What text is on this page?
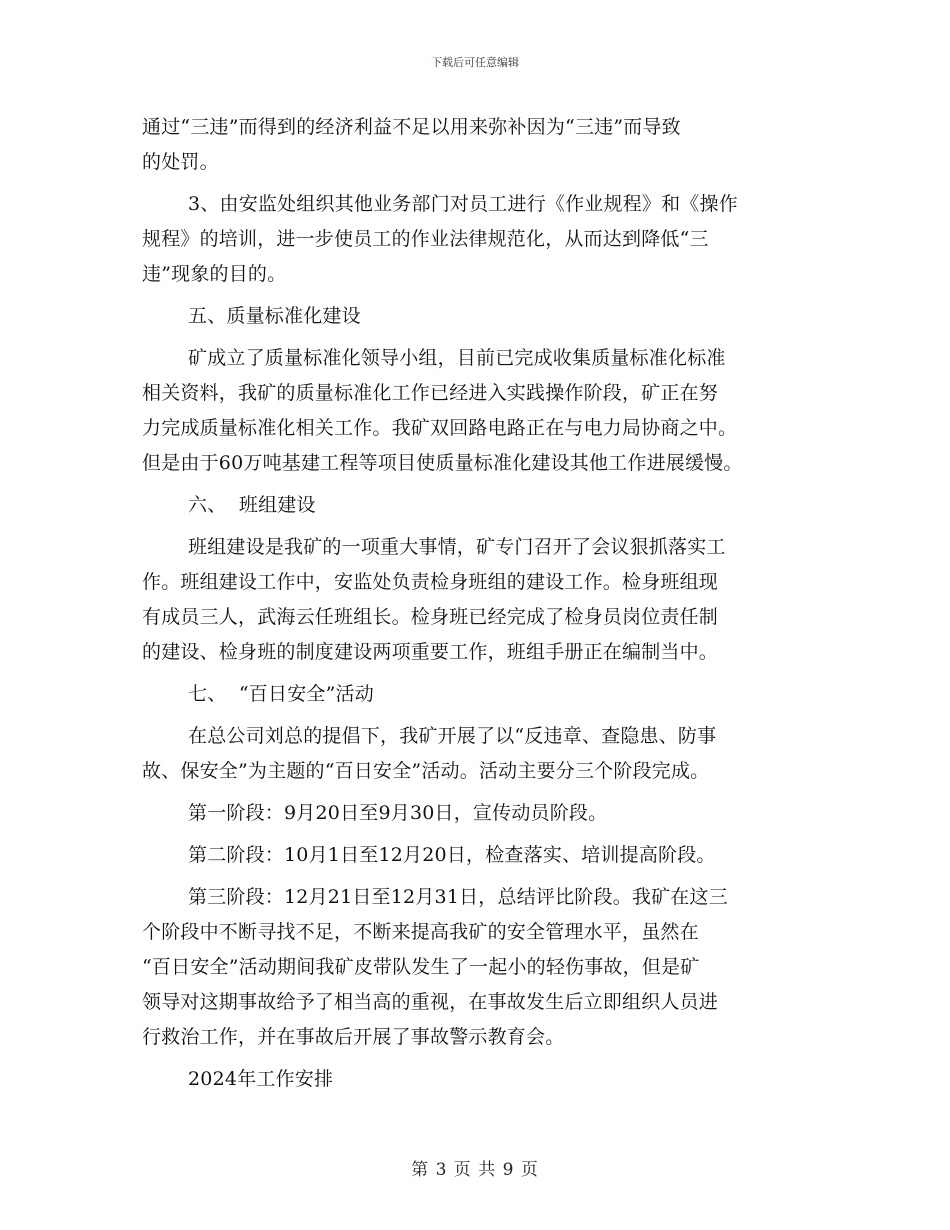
下载后可任意编辑
通过“三违”而得到的经济利益不足以用来弥补因为“三违”而导致
的处罚。
3、由安监处组织其他业务部门对员工进行《作业规程》和《操作
规程》的培训，进一步使员工的作业法律规范化，从而达到降低“三
违”现象的目的。
五、质量标准化建设
矿成立了质量标准化领导小组，目前已完成收集质量标准化标准
相关资料，我矿的质量标准化工作已经进入实践操作阶段，矿正在努
力完成质量标准化相关工作。我矿双回路电路正在与电力局协商之中。
但是由于60万吨基建工程等项目使质量标准化建设其他工作进展缓慢。
六、  班组建设
班组建设是我矿的一项重大事情，矿专门召开了会议狠抓落实工
作。班组建设工作中，安监处负责检身班组的建设工作。检身班组现
有成员三人，武海云任班组长。检身班已经完成了检身员岗位责任制
的建设、检身班的制度建设两项重要工作，班组手册正在编制当中。
七、  “百日安全”活动
在总公司刘总的提倡下，我矿开展了以“反违章、查隐患、防事
故、保安全”为主题的“百日安全”活动。活动主要分三个阶段完成。
第一阶段：9月20日至9月30日，宣传动员阶段。
第二阶段：10月1日至12月20日，检查落实、培训提高阶段。
第三阶段：12月21日至12月31日，总结评比阶段。我矿在这三
个阶段中不断寻找不足，不断来提高我矿的安全管理水平，虽然在
“百日安全”活动期间我矿皮带队发生了一起小的轻伤事故，但是矿
领导对这期事故给予了相当高的重视，在事故发生后立即组织人员进
行救治工作，并在事故后开展了事故警示教育会。
2024年工作安排
第 3 页 共 9 页
